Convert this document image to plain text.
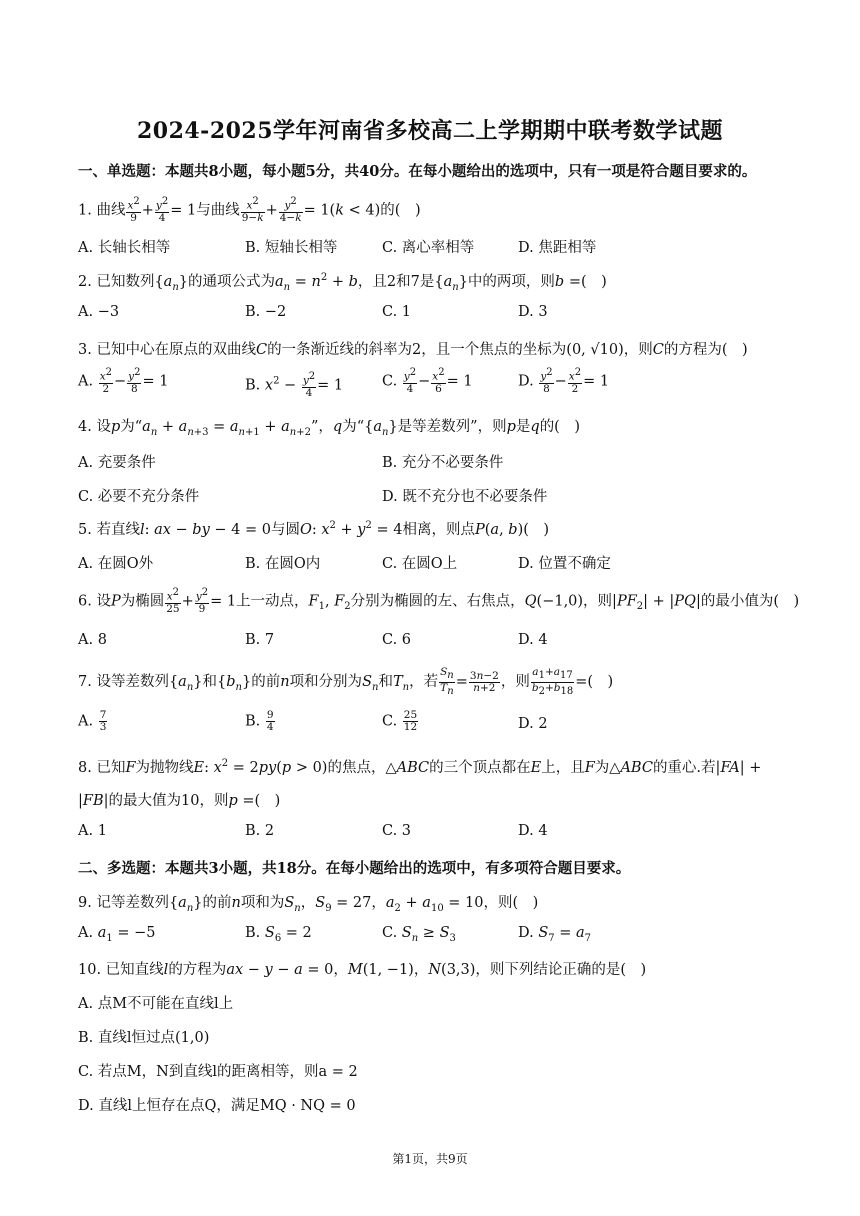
2024-2025学年河南省多校高二上学期期中联考数学试题
一、单选题：本题共8小题，每小题5分，共40分。在每小题给出的选项中，只有一项是符合题目要求的。
1. 曲线 $\frac{x^2}{9} + \frac{y^2}{4} = 1$与曲线 $\frac{x^2}{9-k} + \frac{y^2}{4-k} = 1(k < 4)$的(　)
A. 长轴长相等	B. 短轴长相等	C. 离心率相等	D. 焦距相等
2. 已知数列$\{a_n\}$的通项公式为$a_n = n^2 + b$，且2和7是$\{a_n\}$中的两项，则b =(　)
A. −3	B. −2	C. 1	D. 3
3. 已知中心在原点的双曲线C的一条渐近线的斜率为2，且一个焦点的坐标为(0, √10)，则C的方程为(　)
A. $\frac{x^2}{2} - \frac{y^2}{8} = 1$	B. $x^2 - \frac{y^2}{4} = 1$	C. $\frac{y^2}{4} - \frac{x^2}{6} = 1$	D. $\frac{y^2}{8} - \frac{x^2}{2} = 1$
4. 设p为“$a_n + a_{n+3} = a_{n+1} + a_{n+2}$”，q为“$\{a_n\}$是等差数列”，则p是q的(　)
A. 充要条件	B. 充分不必要条件
C. 必要不充分条件	D. 既不充分也不必要条件
5. 若直线l: ax − by − 4 = 0与圆O: $x^2 + y^2 = 4$相离，则点P(a, b)(　)
A. 在圆O外	B. 在圆O内	C. 在圆O上	D. 位置不确定
6. 设P为椭圆 $\frac{x^2}{25} + \frac{y^2}{9} = 1$上一动点，$F_1$, $F_2$分别为椭圆的左、右焦点，Q(−1,0)，则$|PF_2| + |PQ|$的最小值为(　)
A. 8	B. 7	C. 6	D. 4
7. 设等差数列$\{a_n\}$和$\{b_n\}$的前n项和分别为$S_n$和$T_n$，若 $\frac{S_n}{T_n} = \frac{3n-2}{n+2}$ ，则 $\frac{a_1+a_{17}}{b_2+b_{18}}$ =(　)
A. $\frac{7}{3}$	B. $\frac{9}{4}$	C. $\frac{25}{12}$	D. 2
8. 已知F为抛物线E: $x^2 = 2py(p > 0)$的焦点，△ABC的三个顶点都在E上，且F为△ABC的重心.若|FA| +
|FB|的最大值为10，则p =(　)
A. 1	B. 2	C. 3	D. 4
二、多选题：本题共3小题，共18分。在每小题给出的选项中，有多项符合题目要求。
9. 记等差数列$\{a_n\}$的前n项和为$S_n$，$S_9 = 27$，$a_2 + a_{10} = 10$，则(　)
A. $a_1 = -5$	B. $S_6 = 2$	C. $S_n \ge S_3$	D. $S_7 = a_7$
10. 已知直线l的方程为ax − y − a = 0，M(1, −1)，N(3,3)，则下列结论正确的是(　)
A. 点M不可能在直线l上
B. 直线l恒过点(1,0)
C. 若点M，N到直线l的距离相等，则a = 2
D. 直线l上恒存在点Q，满足MQ · NQ = 0
第1页，共9页
